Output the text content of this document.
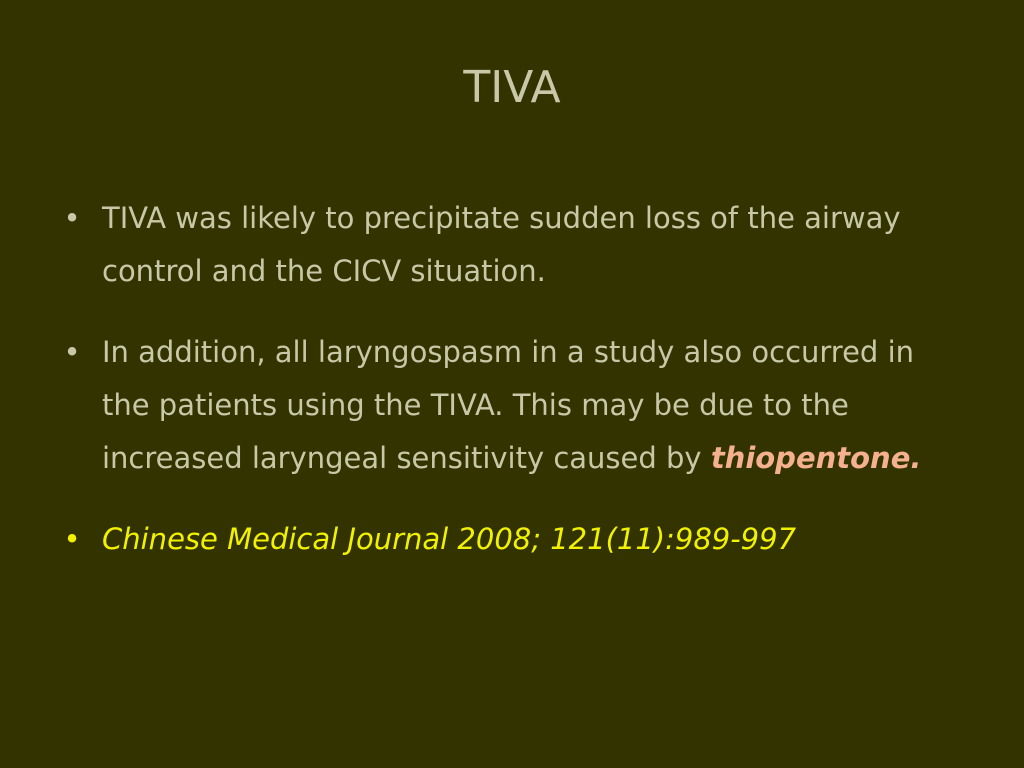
TIVA
• TIVA was likely to precipitate sudden loss of the airway control and the CICV situation.
• In addition, all laryngospasm in a study also occurred in the patients using the TIVA. This may be due to the increased laryngeal sensitivity caused by thiopentone.
• Chinese Medical Journal 2008; 121(11):989-997
